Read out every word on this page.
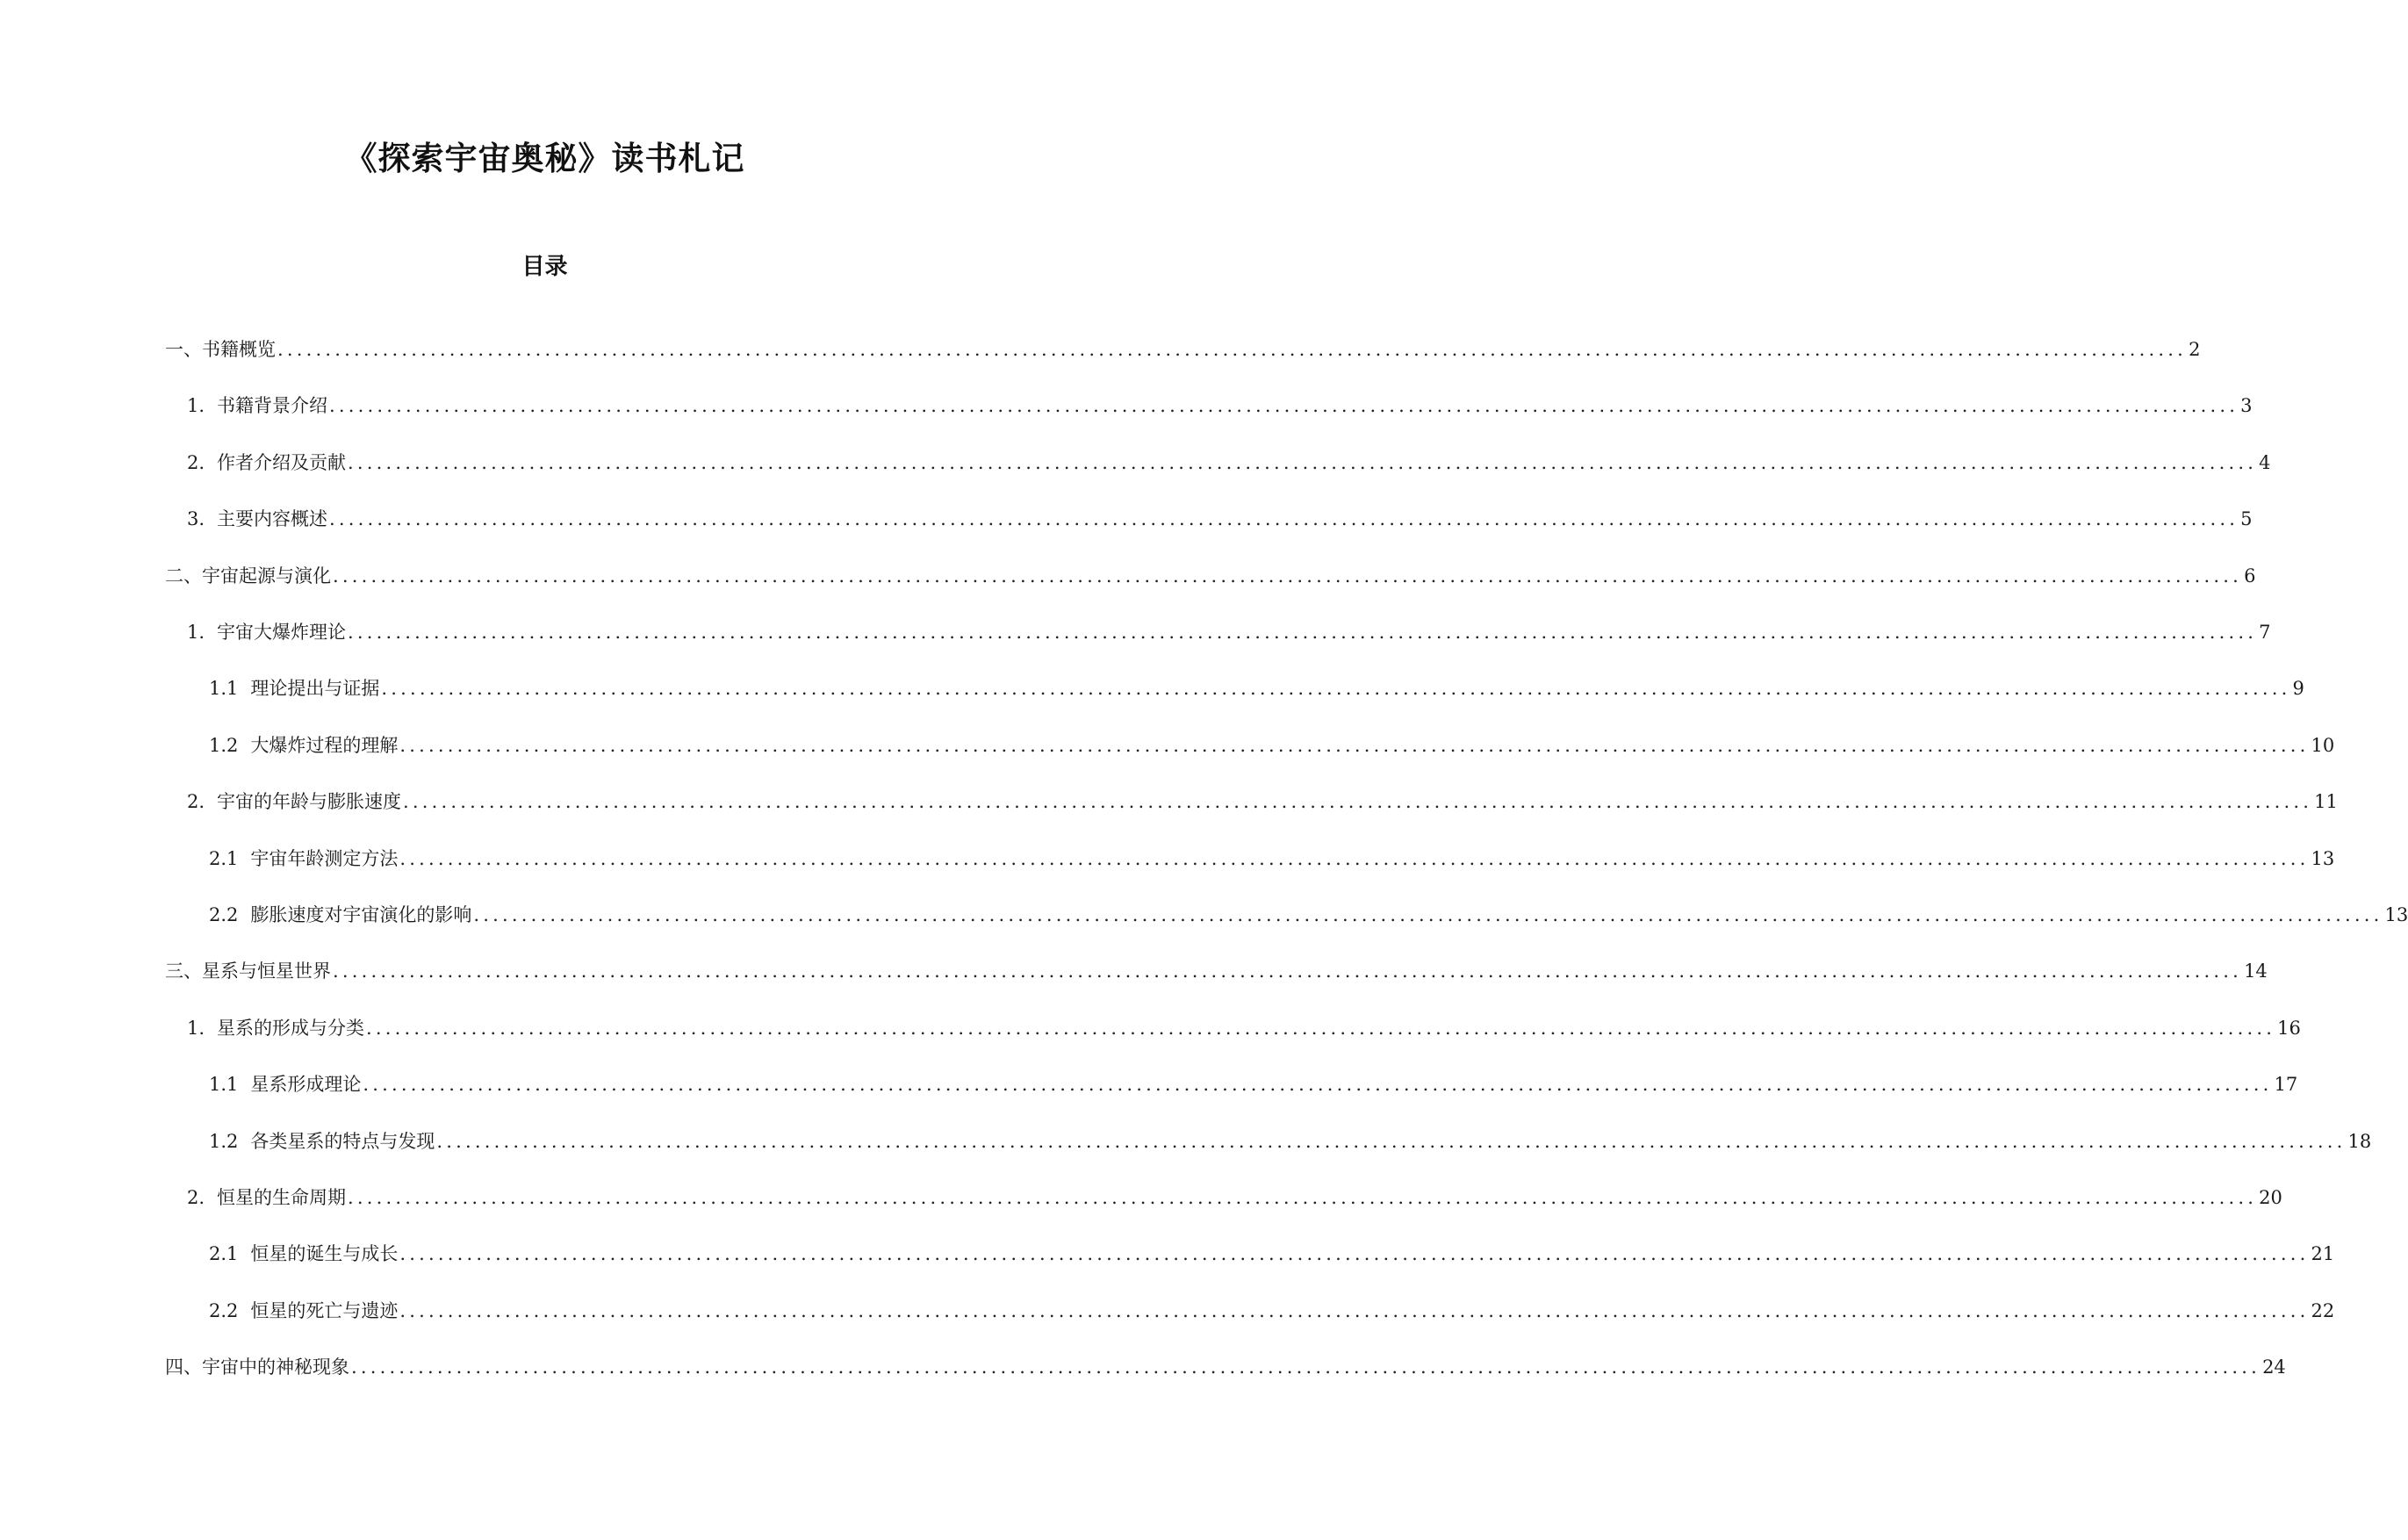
《探索宇宙奥秘》读书札记
目录
一、书籍概览 ........................................................................................................................................................................................................ 2
1. 书籍背景介绍 ........................................................................................................................................................................................................ 3
2. 作者介绍及贡献 ........................................................................................................................................................................................................ 4
3. 主要内容概述 ........................................................................................................................................................................................................ 5
二、宇宙起源与演化 ........................................................................................................................................................................................................ 6
1. 宇宙大爆炸理论 ........................................................................................................................................................................................................ 7
1.1 理论提出与证据 ........................................................................................................................................................................................................ 9
1.2 大爆炸过程的理解 ........................................................................................................................................................................................................ 10
2. 宇宙的年龄与膨胀速度 ........................................................................................................................................................................................................ 11
2.1 宇宙年龄测定方法 ........................................................................................................................................................................................................ 13
2.2 膨胀速度对宇宙演化的影响 ........................................................................................................................................................................................................ 13
三、星系与恒星世界 ........................................................................................................................................................................................................ 14
1. 星系的形成与分类 ........................................................................................................................................................................................................ 16
1.1 星系形成理论 ........................................................................................................................................................................................................ 17
1.2 各类星系的特点与发现 ........................................................................................................................................................................................................ 18
2. 恒星的生命周期 ........................................................................................................................................................................................................ 20
2.1 恒星的诞生与成长 ........................................................................................................................................................................................................ 21
2.2 恒星的死亡与遗迹 ........................................................................................................................................................................................................ 22
四、宇宙中的神秘现象 ........................................................................................................................................................................................................ 24
